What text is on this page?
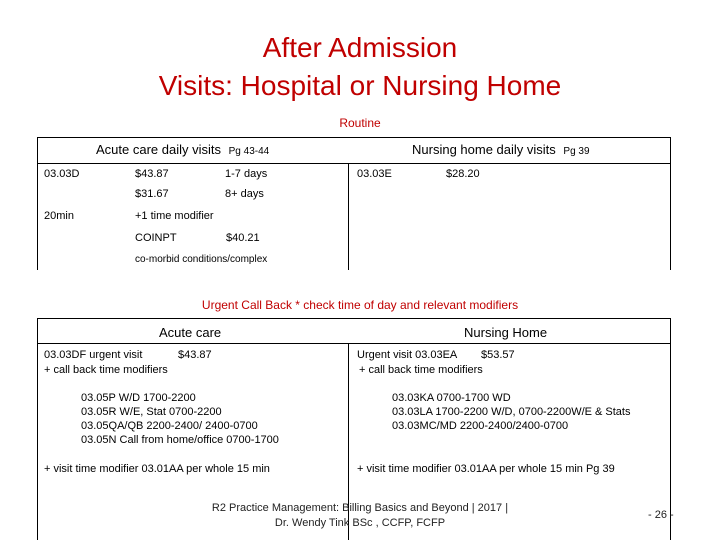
After Admission
Visits: Hospital or Nursing Home
Routine
Acute care daily visits Pg 43-44	Nursing home daily visits Pg 39
03.03D	$43.87	1-7 days
$31.67	8+ days
20min	+1 time modifier
COINPT	$40.21
co-morbid conditions/complex
03.03E	$28.20
Urgent Call Back * check time of day and relevant modifiers
Acute care	Nursing Home
03.03DF urgent visit	$43.87
+ call back time modifiers
03.05P W/D 1700-2200
03.05R W/E, Stat 0700-2200
03.05QA/QB 2200-2400/ 2400-0700
03.05N Call from home/office 0700-1700
+ visit time modifier 03.01AA per whole 15 min
Urgent visit 03.03EA $53.57
+ call back time modifiers
03.03KA 0700-1700 WD
03.03LA 1700-2200 W/D, 0700-2200W/E & Stats
03.03MC/MD 2200-2400/2400-0700
+ visit time modifier 03.01AA per whole 15 min Pg 39
R2 Practice Management: Billing Basics and Beyond | 2017 |
Dr. Wendy Tink BSc , CCFP, FCFP
- 26 -
